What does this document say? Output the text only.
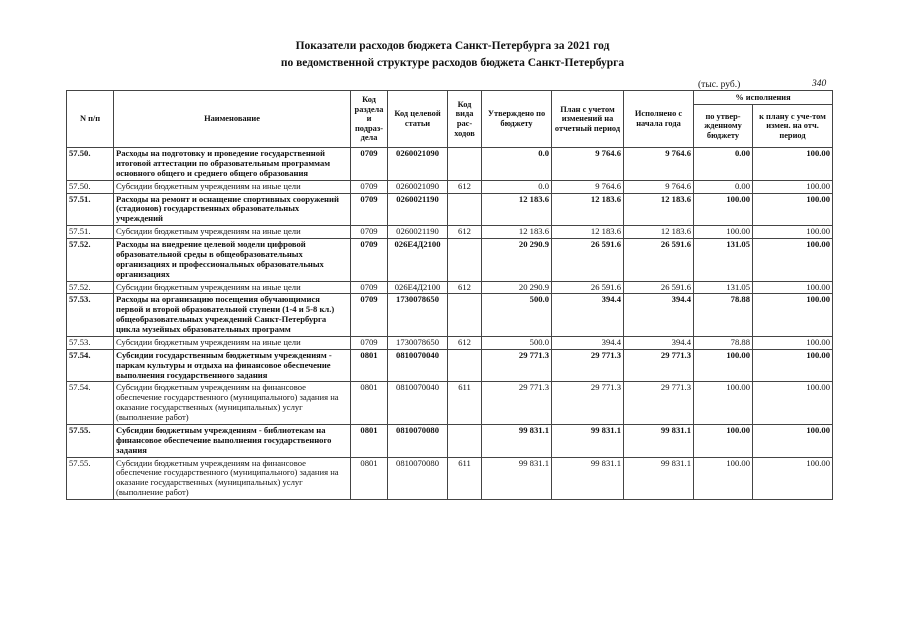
Показатели расходов бюджета Санкт-Петербурга за 2021 год
по ведомственной структуре расходов бюджета Санкт-Петербурга
(тыс. руб.)	340
N п/п	Наименование	Код раздела и подраз-дела	Код целевой статьи	Код вида рас-ходов	Утверждено по бюджету	План с учетом изменений на отчетный период	Исполнено с начала года	% исполнения	
								по утвер-жденному бюджету	к плану с уче-том измен. на отч. период
57.50.	Расходы на подготовку и проведение государственной итоговой аттестации по образовательным программам основного общего и среднего общего образования	0709	0260021090		0.0	9 764.6	9 764.6	0.00	100.00
57.50.	Субсидии бюджетным учреждениям на иные цели	0709	0260021090	612	0.0	9 764.6	9 764.6	0.00	100.00
57.51.	Расходы на ремонт и оснащение спортивных сооружений (стадионов) государственных образовательных учреждений	0709	0260021190		12 183.6	12 183.6	12 183.6	100.00	100.00
57.51.	Субсидии бюджетным учреждениям на иные цели	0709	0260021190	612	12 183.6	12 183.6	12 183.6	100.00	100.00
57.52.	Расходы на внедрение целевой модели цифровой образовательной среды в общеобразовательных организациях и профессиональных образовательных организациях	0709	026Е4Д2100		20 290.9	26 591.6	26 591.6	131.05	100.00
57.52.	Субсидии бюджетным учреждениям на иные цели	0709	026Е4Д2100	612	20 290.9	26 591.6	26 591.6	131.05	100.00
57.53.	Расходы на организацию посещения обучающимися первой и второй образовательной ступени (1-4 и 5-8 кл.) общеобразовательных учреждений Санкт-Петербурга цикла музейных образовательных программ	0709	1730078650		500.0	394.4	394.4	78.88	100.00
57.53.	Субсидии бюджетным учреждениям на иные цели	0709	1730078650	612	500.0	394.4	394.4	78.88	100.00
57.54.	Субсидии государственным бюджетным учреждениям - паркам культуры и отдыха на финансовое обеспечение выполнения государственного задания	0801	0810070040		29 771.3	29 771.3	29 771.3	100.00	100.00
57.54.	Субсидии бюджетным учреждениям на финансовое обеспечение государственного (муниципального) задания на оказание государственных (муниципальных) услуг (выполнение работ)	0801	0810070040	611	29 771.3	29 771.3	29 771.3	100.00	100.00
57.55.	Субсидии бюджетным учреждениям - библиотекам на финансовое обеспечение выполнения государственного задания	0801	0810070080		99 831.1	99 831.1	99 831.1	100.00	100.00
57.55.	Субсидии бюджетным учреждениям на финансовое обеспечение государственного (муниципального) задания на оказание государственных (муниципальных) услуг (выполнение работ)	0801	0810070080	611	99 831.1	99 831.1	99 831.1	100.00	100.00
